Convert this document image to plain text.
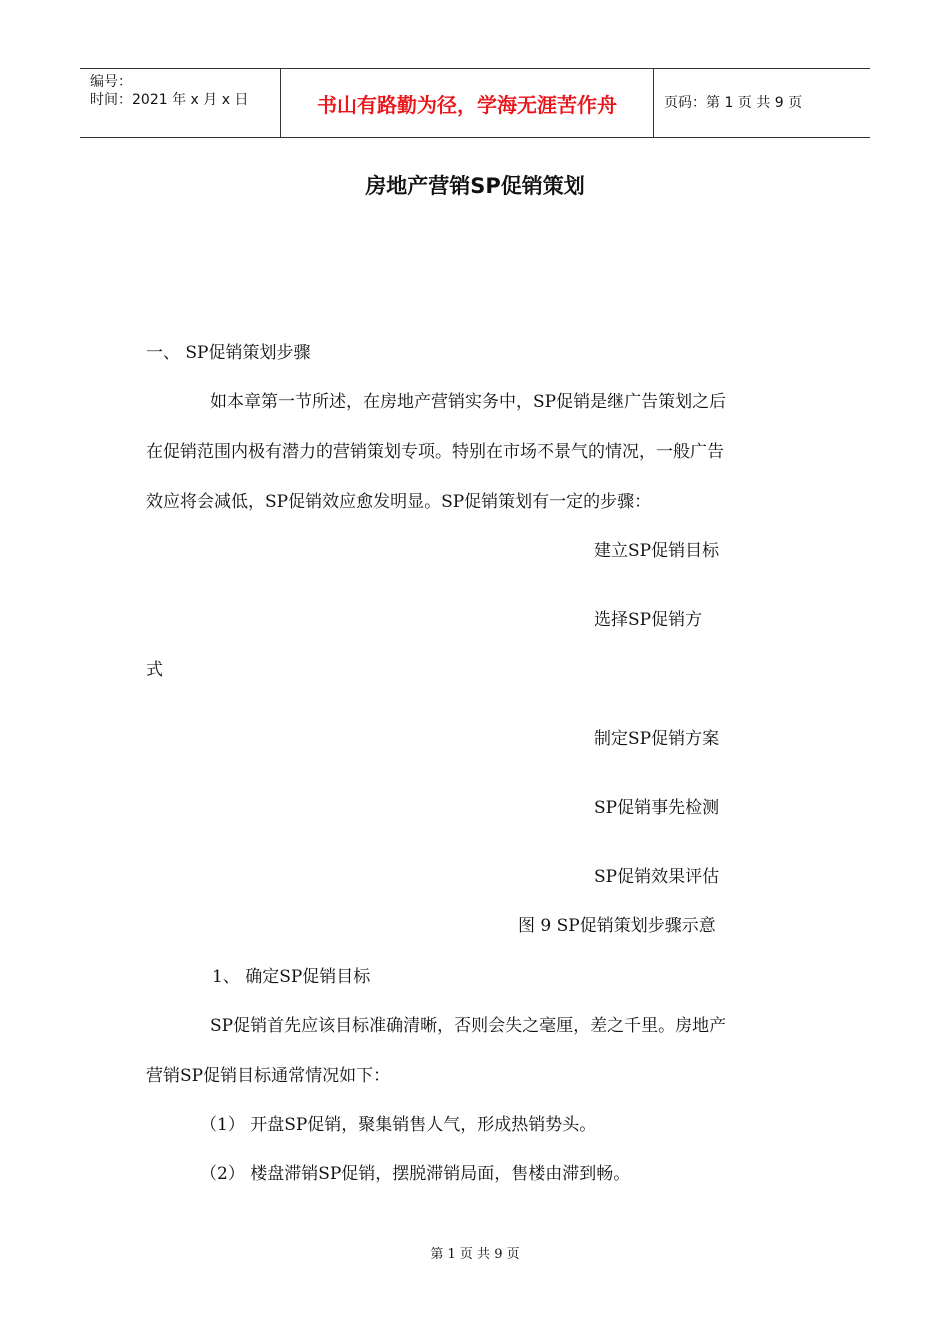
编号：
时间：2021 年 x 月 x 日	书山有路勤为径，学海无涯苦作舟	页码：第 1 页 共 9 页
房地产营销SP促销策划
一、 SP促销策划步骤
如本章第一节所述，在房地产营销实务中，SP促销是继广告策划之后
在促销范围内极有潜力的营销策划专项。特别在市场不景气的情况，一般广告
效应将会减低，SP促销效应愈发明显。SP促销策划有一定的步骤：
建立SP促销目标
选择SP促销方
式
制定SP促销方案
SP促销事先检测
SP促销效果评估
图 9 SP促销策划步骤示意
1、 确定SP促销目标
SP促销首先应该目标准确清晰，否则会失之毫厘，差之千里。房地产
营销SP促销目标通常情况如下：
（1） 开盘SP促销，聚集销售人气，形成热销势头。
（2） 楼盘滞销SP促销，摆脱滞销局面，售楼由滞到畅。
第 1 页 共 9 页
